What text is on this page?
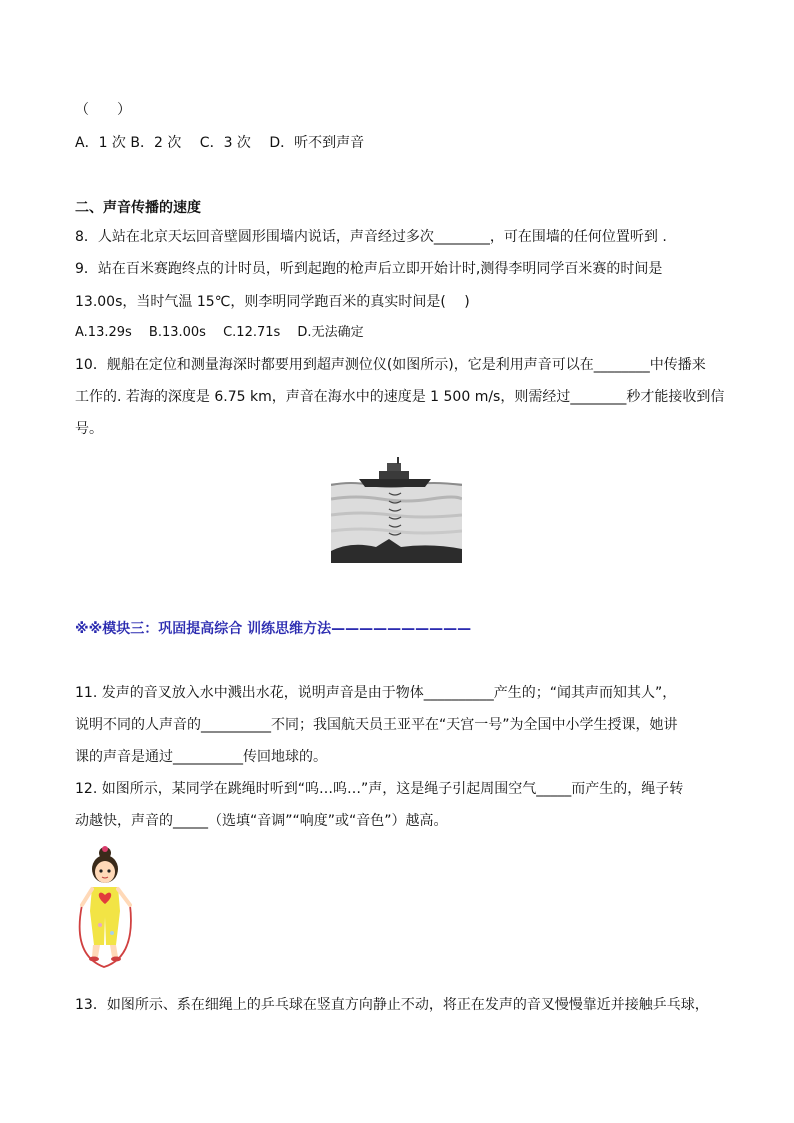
（　　）

A．1 次 B．2 次　 C．3 次　 D．听不到声音

二、声音传播的速度

8．人站在北京天坛回音壁圆形围墙内说话，声音经过多次________，可在围墙的任何位置听到 .

9．站在百米赛跑终点的计时员，听到起跑的枪声后立即开始计时,测得李明同学百米赛的时间是

13.00s，当时气温 15℃，则李明同学跑百米的真实时间是(　 )

A.13.29s　 B.13.00s　 C.12.71s　 D.无法确定

10．舰船在定位和测量海深时都要用到超声测位仪(如图所示)，它是利用声音可以在________中传播来

工作的. 若海的深度是 6.75 km，声音在海水中的速度是 1 500 m/s，则需经过________秒才能接收到信

号。

※※模块三：巩固提高综合 训练思维方法——————————

11. 发声的音叉放入水中溅出水花，说明声音是由于物体__________产生的；“闻其声而知其人”，

说明不同的人声音的__________不同；我国航天员王亚平在“天宫一号”为全国中小学生授课，她讲

课的声音是通过__________传回地球的。

12. 如图所示，某同学在跳绳时听到“呜…呜…”声，这是绳子引起周围空气_____而产生的，绳子转

动越快，声音的_____（选填“音调”“响度”或“音色”）越高。

13．如图所示、系在细绳上的乒乓球在竖直方向静止不动，将正在发声的音叉慢慢靠近并接触乒乓球，
